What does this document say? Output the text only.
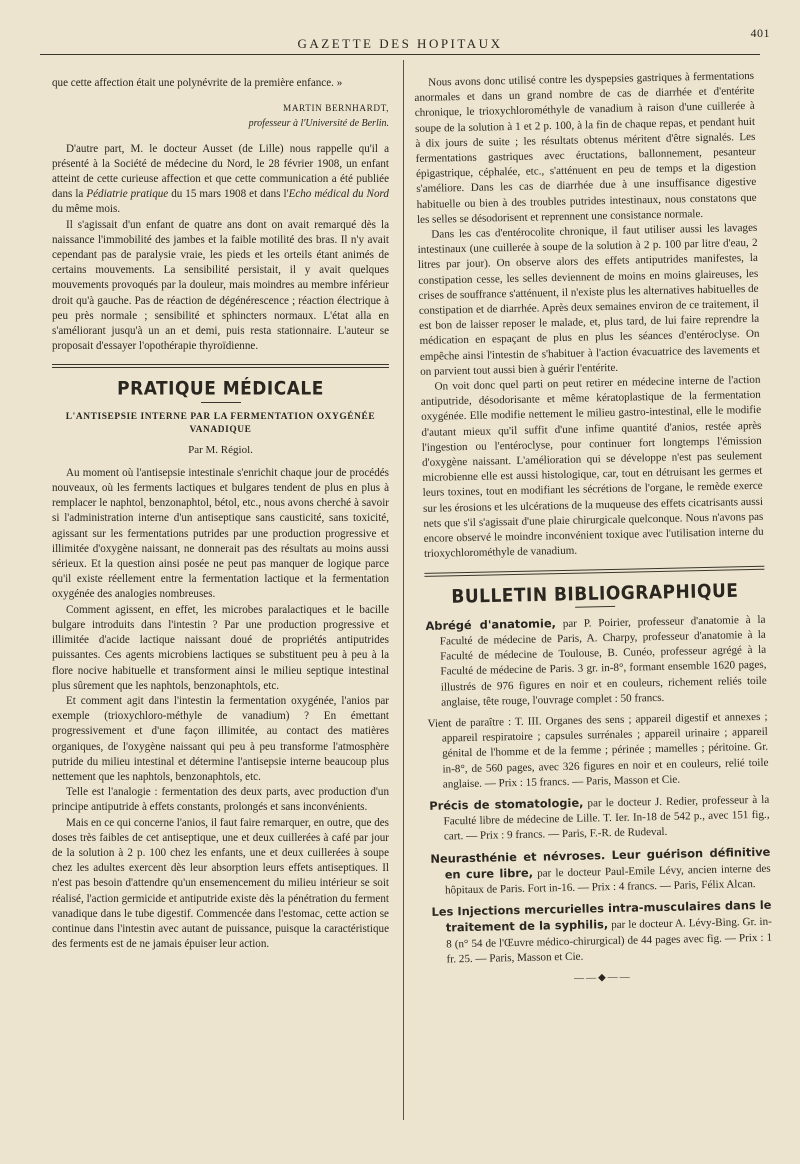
401
GAZETTE DES HOPITAUX

que cette affection était une polynévrite de la première enfance. »

MARTIN BERNHARDT,
professeur à l'Université de Berlin.

D'autre part, M. le docteur Ausset (de Lille) nous rappelle qu'il a présenté à la Société de médecine du Nord, le 28 février 1908, un enfant atteint de cette curieuse affection et que cette communication a été publiée dans la Pédiatrie pratique du 15 mars 1908 et dans l'Echo médical du Nord du même mois.

Il s'agissait d'un enfant de quatre ans dont on avait remarqué dès la naissance l'immobilité des jambes et la faible motilité des bras. Il n'y avait cependant pas de paralysie vraie, les pieds et les orteils étant animés de certains mouvements. La sensibilité persistait, il y avait quelques mouvements provoqués par la douleur, mais moindres au membre inférieur droit qu'à gauche. Pas de réaction de dégénérescence ; réaction électrique à peu près normale ; sensibilité et sphincters normaux. L'état alla en s'améliorant jusqu'à un an et demi, puis resta stationnaire. L'auteur se proposait d'essayer l'opothérapie thyroïdienne.

PRATIQUE MÉDICALE
L'ANTISEPSIE INTERNE PAR LA FERMENTATION OXYGÉNÉE VANADIQUE
Par M. Régiol.

Au moment où l'antisepsie intestinale s'enrichit chaque jour de procédés nouveaux, où les ferments lactiques et bulgares tendent de plus en plus à remplacer le naphtol, benzonaphtol, bétol, etc., nous avons cherché à savoir si l'administration interne d'un antiseptique sans causticité, sans toxicité, agissant sur les fermentations putrides par une production progressive et illimitée d'oxygène naissant, ne donnerait pas des résultats au moins aussi sérieux. Et la question ainsi posée ne peut pas manquer de logique parce qu'il existe réellement entre la fermentation lactique et la fermentation oxygénée des analogies nombreuses.

Comment agissent, en effet, les microbes paralactiques et le bacille bulgare introduits dans l'intestin ? Par une production progressive et illimitée d'acide lactique naissant doué de propriétés antiputrides puissantes. Ces agents microbiens lactiques se substituent peu à peu à la flore nocive habituelle et transforment ainsi le milieu septique intestinal plus sûrement que les naphtols, benzonaphtols, etc.

Et comment agit dans l'intestin la fermentation oxygénée, l'anios par exemple (trioxychloro-méthyle de vanadium) ? En émettant progressivement et d'une façon illimitée, au contact des matières organiques, de l'oxygène naissant qui peu à peu transforme l'atmosphère putride du milieu intestinal et détermine l'antisepsie interne beaucoup plus nettement que les naphtols, benzonaphtols, etc.

Telle est l'analogie : fermentation des deux parts, avec production d'un principe antiputride à effets constants, prolongés et sans inconvénients.

Mais en ce qui concerne l'anios, il faut faire remarquer, en outre, que des doses très faibles de cet antiseptique, une et deux cuillerées à café par jour de la solution à 2 p. 100 chez les enfants, une et deux cuillerées à soupe chez les adultes exercent dès leur absorption leurs effets antiseptiques. Il n'est pas besoin d'attendre qu'un ensemencement du milieu intérieur se soit réalisé, l'action germicide et antiputride existe dès la pénétration du ferment vanadique dans le tube digestif. Commencée dans l'estomac, cette action se continue dans l'intestin avec autant de puissance, puisque la caractéristique des ferments est de ne jamais épuiser leur action.

Nous avons donc utilisé contre les dyspepsies gastriques à fermentations anormales et dans un grand nombre de cas de diarrhée et d'entérite chronique, le trioxychlorométhyle de vanadium à raison d'une cuillerée à soupe de la solution à 1 et 2 p. 100, à la fin de chaque repas, et pendant huit à dix jours de suite ; les résultats obtenus méritent d'être signalés. Les fermentations gastriques avec éructations, ballonnement, pesanteur épigastrique, céphalée, etc., s'atténuent en peu de temps et la digestion s'améliore. Dans les cas de diarrhée due à une insuffisance digestive habituelle ou bien à des troubles putrides intestinaux, nous constatons que les selles se désodorisent et reprennent une consistance normale.

Dans les cas d'entérocolite chronique, il faut utiliser aussi les lavages intestinaux (une cuillerée à soupe de la solution à 2 p. 100 par litre d'eau, 2 litres par jour). On observe alors des effets antiputrides manifestes, la constipation cesse, les selles deviennent de moins en moins glaireuses, les crises de souffrance s'atténuent, il n'existe plus les alternatives habituelles de constipation et de diarrhée. Après deux semaines environ de ce traitement, il est bon de laisser reposer le malade, et, plus tard, de lui faire reprendre la médication en espaçant de plus en plus les séances d'entéroclyse. On empêche ainsi l'intestin de s'habituer à l'action évacuatrice des lavements et on parvient tout aussi bien à guérir l'entérite.

On voit donc quel parti on peut retirer en médecine interne de l'action antiputride, désodorisante et même kératoplastique de la fermentation oxygénée. Elle modifie nettement le milieu gastro-intestinal, elle le modifie d'autant mieux qu'il suffit d'une infime quantité d'anios, restée après l'ingestion ou l'entéroclyse, pour continuer fort longtemps l'émission d'oxygène naissant. L'amélioration qui se développe n'est pas seulement microbienne elle est aussi histologique, car, tout en détruisant les germes et leurs toxines, tout en modifiant les sécrétions de l'organe, le remède exerce sur les érosions et les ulcérations de la muqueuse des effets cicatrisants aussi nets que s'il s'agissait d'une plaie chirurgicale quelconque. Nous n'avons pas encore observé le moindre inconvénient toxique avec l'utilisation interne du trioxychlorométhyle de vanadium.

BULLETIN BIBLIOGRAPHIQUE
Abrégé d'anatomie, par P. Poirier, professeur d'anatomie à la Faculté de médecine de Paris, A. Charpy, professeur d'anatomie à la Faculté de médecine de Toulouse, B. Cunéo, professeur agrégé à la Faculté de médecine de Paris. 3 gr. in-8°, formant ensemble 1620 pages, illustrés de 976 figures en noir et en couleurs, richement reliés toile anglaise, tête rouge, l'ouvrage complet : 50 francs.
Vient de paraître : T. III. Organes des sens ; appareil digestif et annexes ; appareil respiratoire ; capsules surrénales ; appareil urinaire ; appareil génital de l'homme et de la femme ; périnée ; mamelles ; péritoine. Gr. in-8°, de 560 pages, avec 326 figures en noir et en couleurs, relié toile anglaise. — Prix : 15 francs. — Paris, Masson et Cie.
Précis de stomatologie, par le docteur J. Redier, professeur à la Faculté libre de médecine de Lille. T. Ier. In-18 de 542 p., avec 151 fig., cart. — Prix : 9 francs. — Paris, F.-R. de Rudeval.
Neurasthénie et névroses. Leur guérison définitive en cure libre, par le docteur Paul-Emile Lévy, ancien interne des hôpitaux de Paris. Fort in-16. — Prix : 4 francs. — Paris, Félix Alcan.
Les Injections mercurielles intra-musculaires dans le traitement de la syphilis, par le docteur A. Lévy-Bing. Gr. in-8 (n° 54 de l'Œuvre médico-chirurgical) de 44 pages avec fig. — Prix : 1 fr. 25. — Paris, Masson et Cie.
——◆——
